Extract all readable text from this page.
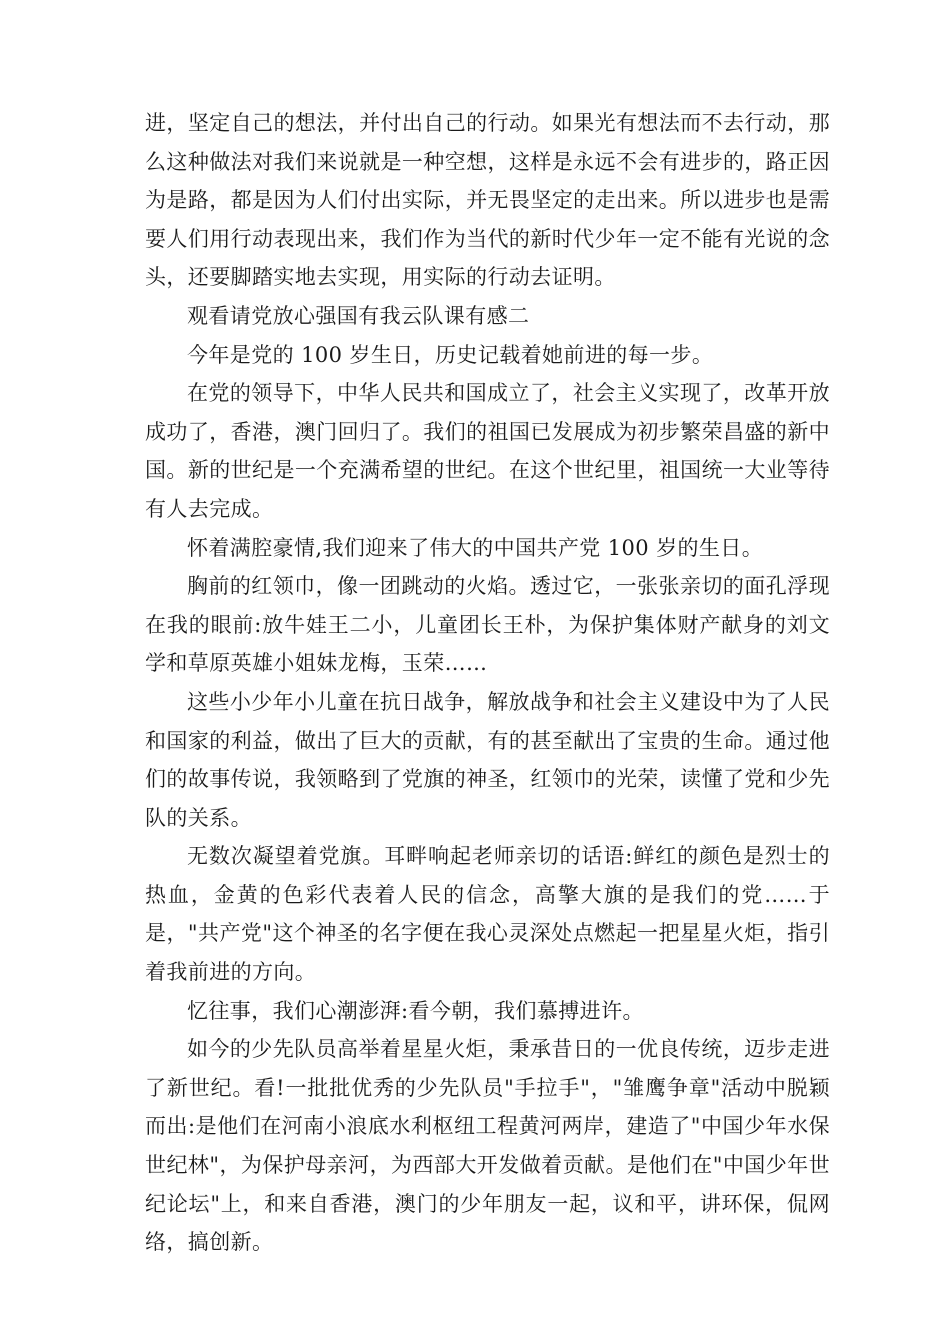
进，坚定自己的想法，并付出自己的行动。如果光有想法而不去行动，那么这种做法对我们来说就是一种空想，这样是永远不会有进步的，路正因为是路，都是因为人们付出实际，并无畏坚定的走出来。所以进步也是需要人们用行动表现出来，我们作为当代的新时代少年一定不能有光说的念头，还要脚踏实地去实现，用实际的行动去证明。

观看请党放心强国有我云队课有感二

今年是党的 100 岁生日，历史记载着她前进的每一步。

在党的领导下，中华人民共和国成立了，社会主义实现了，改革开放成功了，香港，澳门回归了。我们的祖国已发展成为初步繁荣昌盛的新中国。新的世纪是一个充满希望的世纪。在这个世纪里，祖国统一大业等待有人去完成。

怀着满腔豪情,我们迎来了伟大的中国共产党 100 岁的生日。

胸前的红领巾，像一团跳动的火焰。透过它，一张张亲切的面孔浮现在我的眼前:放牛娃王二小，儿童团长王朴，为保护集体财产献身的刘文学和草原英雄小姐妹龙梅，玉荣……

这些小少年小儿童在抗日战争，解放战争和社会主义建设中为了人民和国家的利益，做出了巨大的贡献，有的甚至献出了宝贵的生命。通过他们的故事传说，我领略到了党旗的神圣，红领巾的光荣，读懂了党和少先队的关系。

无数次凝望着党旗。耳畔响起老师亲切的话语:鲜红的颜色是烈士的热血，金黄的色彩代表着人民的信念，高擎大旗的是我们的党……于是，"共产党"这个神圣的名字便在我心灵深处点燃起一把星星火炬，指引着我前进的方向。

忆往事，我们心潮澎湃:看今朝，我们慕搏进许。

如今的少先队员高举着星星火炬，秉承昔日的一优良传统，迈步走进了新世纪。看!一批批优秀的少先队员"手拉手"，"雏鹰争章"活动中脱颖而出:是他们在河南小浪底水利枢纽工程黄河两岸，建造了"中国少年水保世纪林"，为保护母亲河，为西部大开发做着贡献。是他们在"中国少年世纪论坛"上，和来自香港，澳门的少年朋友一起，议和平，讲环保，侃网络，搞创新。
